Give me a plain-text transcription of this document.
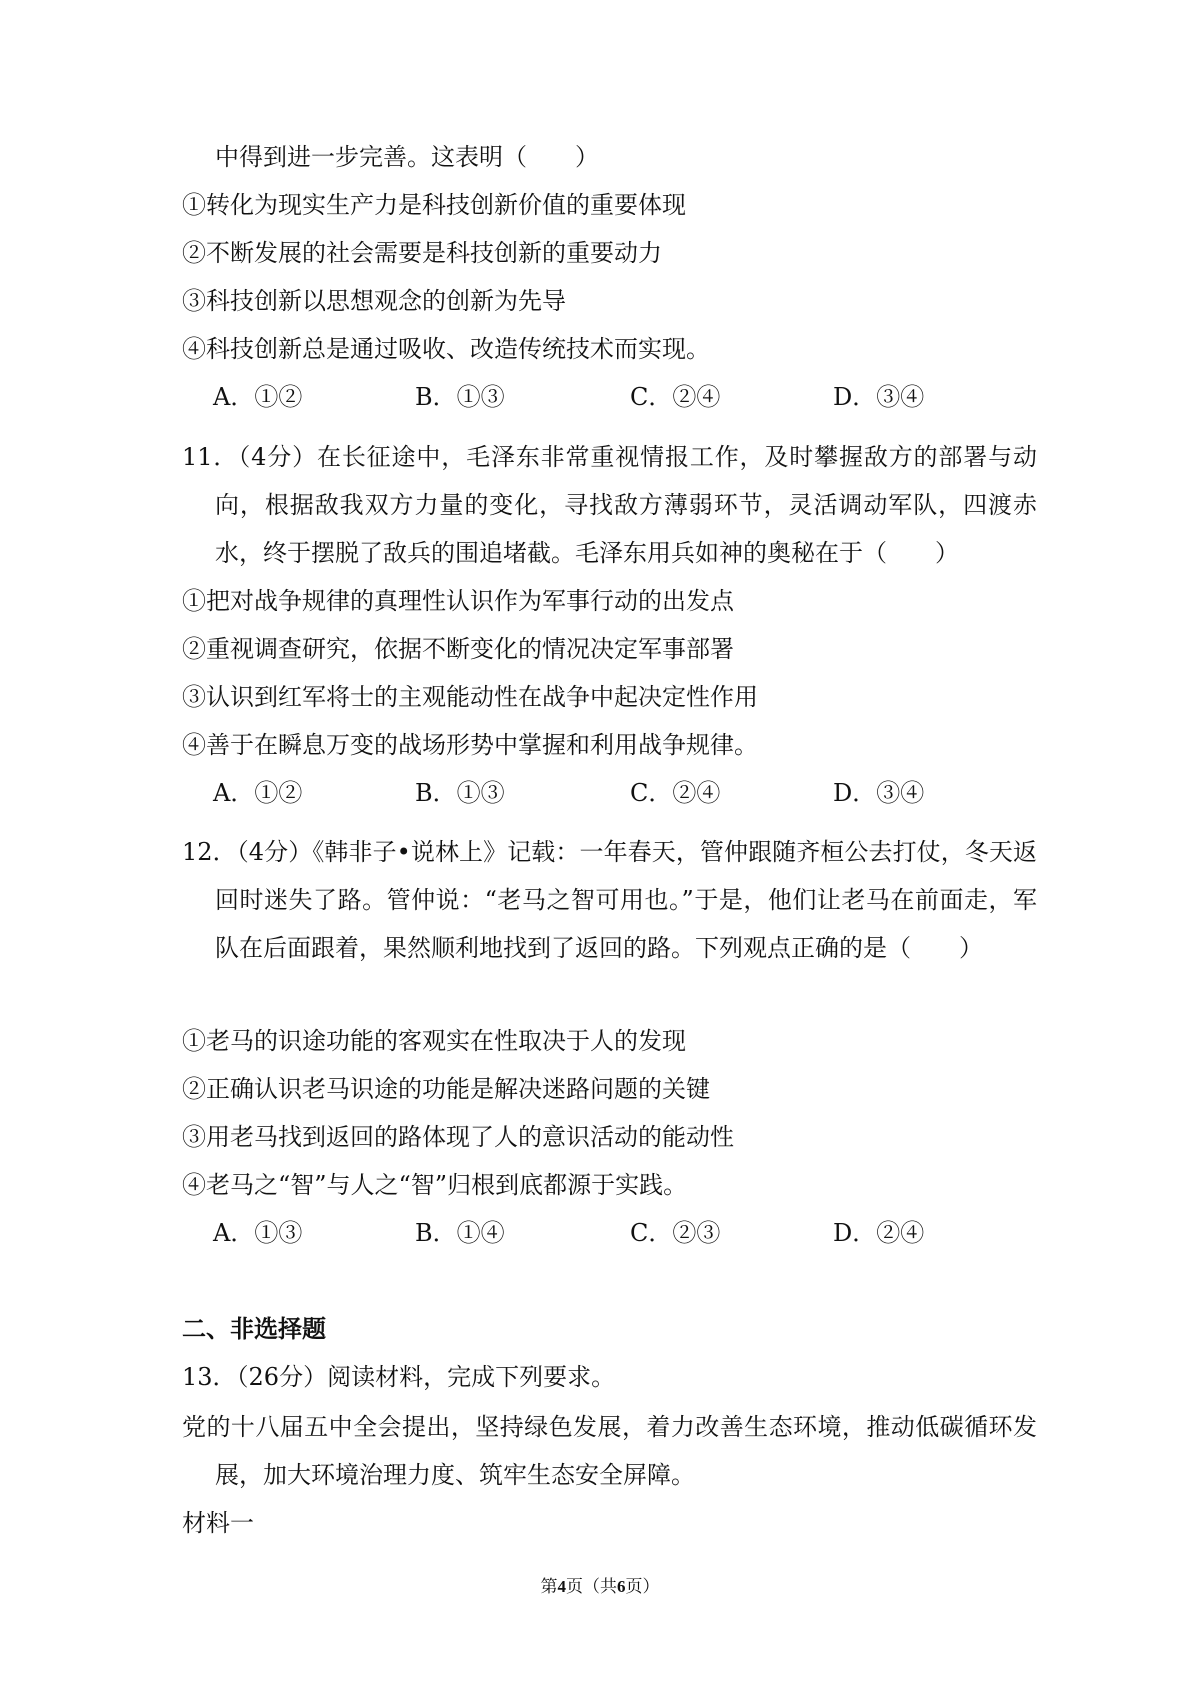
中得到进一步完善。这表明（　　）
①转化为现实生产力是科技创新价值的重要体现
②不断发展的社会需要是科技创新的重要动力
③科技创新以思想观念的创新为先导
④科技创新总是通过吸收、改造传统技术而实现。
A．①②	B．①③	C．②④	D．③④
11．（4分）在长征途中，毛泽东非常重视情报工作，及时攀握敌方的部署与动向，根据敌我双方力量的变化，寻找敌方薄弱环节，灵活调动军队，四渡赤水，终于摆脱了敌兵的围追堵截。毛泽东用兵如神的奥秘在于（　　）
①把对战争规律的真理性认识作为军事行动的出发点
②重视调查研究，依据不断变化的情况决定军事部署
③认识到红军将士的主观能动性在战争中起决定性作用
④善于在瞬息万变的战场形势中掌握和利用战争规律。
A．①②	B．①③	C．②④	D．③④
12．（4分）《韩非子•说林上》记载：一年春天，管仲跟随齐桓公去打仗，冬天返回时迷失了路。管仲说：“老马之智可用也。”于是，他们让老马在前面走，军队在后面跟着，果然顺利地找到了返回的路。下列观点正确的是（　　）
①老马的识途功能的客观实在性取决于人的发现
②正确认识老马识途的功能是解决迷路问题的关键
③用老马找到返回的路体现了人的意识活动的能动性
④老马之“智”与人之“智”归根到底都源于实践。
A．①③	B．①④	C．②③	D．②④
二、非选择题
13．（26分）阅读材料，完成下列要求。
党的十八届五中全会提出，坚持绿色发展，着力改善生态环境，推动低碳循环发展，加大环境治理力度、筑牢生态安全屏障。
材料一
第4页（共6页）
